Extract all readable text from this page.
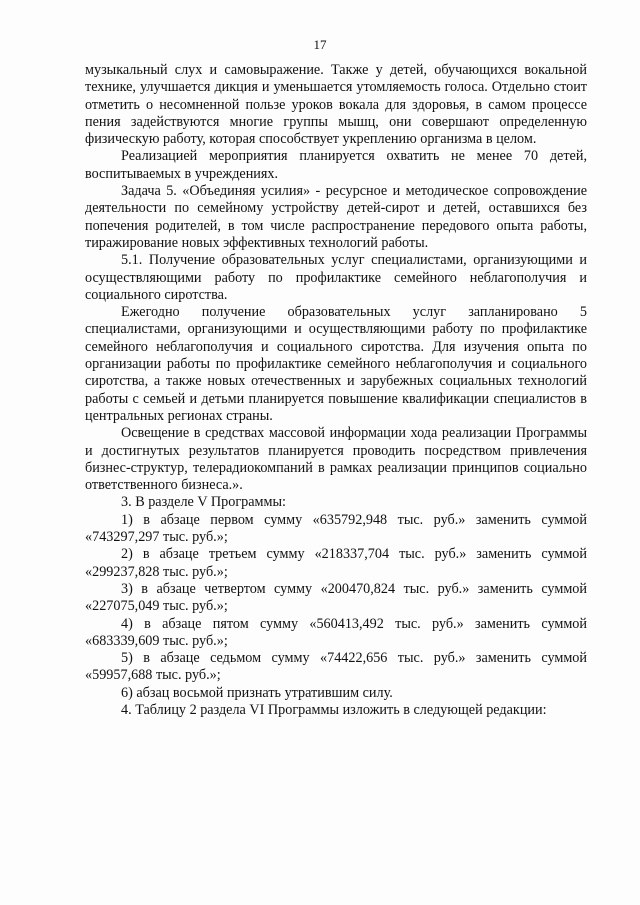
17

музыкальный слух и самовыражение. Также у детей, обучающихся вокальной технике, улучшается дикция и уменьшается утомляемость голоса. Отдельно стоит отметить о несомненной пользе уроков вокала для здоровья, в самом процессе пения задействуются многие группы мышц, они совершают определенную физическую работу, которая способствует укреплению организма в целом.

Реализацией мероприятия планируется охватить не менее 70 детей, воспитываемых в учреждениях.

Задача 5. «Объединяя усилия» - ресурсное и методическое сопровождение деятельности по семейному устройству детей-сирот и детей, оставшихся без попечения родителей, в том числе распространение передового опыта работы, тиражирование новых эффективных технологий работы.

5.1. Получение образовательных услуг специалистами, организующими и осуществляющими работу по профилактике семейного неблагополучия и социального сиротства.

Ежегодно получение образовательных услуг запланировано 5 специалистами, организующими и осуществляющими работу по профилактике семейного неблагополучия и социального сиротства. Для изучения опыта по организации работы по профилактике семейного неблагополучия и социального сиротства, а также новых отечественных и зарубежных социальных технологий работы с семьей и детьми планируется повышение квалификации специалистов в центральных регионах страны.

Освещение в средствах массовой информации хода реализации Программы и достигнутых результатов планируется проводить посредством привлечения бизнес-структур, телерадиокомпаний в рамках реализации принципов социально ответственного бизнеса.».

3. В разделе V Программы:

1) в абзаце первом сумму «635792,948 тыс. руб.» заменить суммой «743297,297 тыс. руб.»;

2) в абзаце третьем сумму «218337,704 тыс. руб.» заменить суммой «299237,828 тыс. руб.»;

3) в абзаце четвертом сумму «200470,824 тыс. руб.» заменить суммой «227075,049 тыс. руб.»;

4) в абзаце пятом сумму «560413,492 тыс. руб.» заменить суммой «683339,609 тыс. руб.»;

5) в абзаце седьмом сумму «74422,656 тыс. руб.» заменить суммой «59957,688 тыс. руб.»;

6) абзац восьмой признать утратившим силу.

4. Таблицу 2 раздела VI Программы изложить в следующей редакции:
